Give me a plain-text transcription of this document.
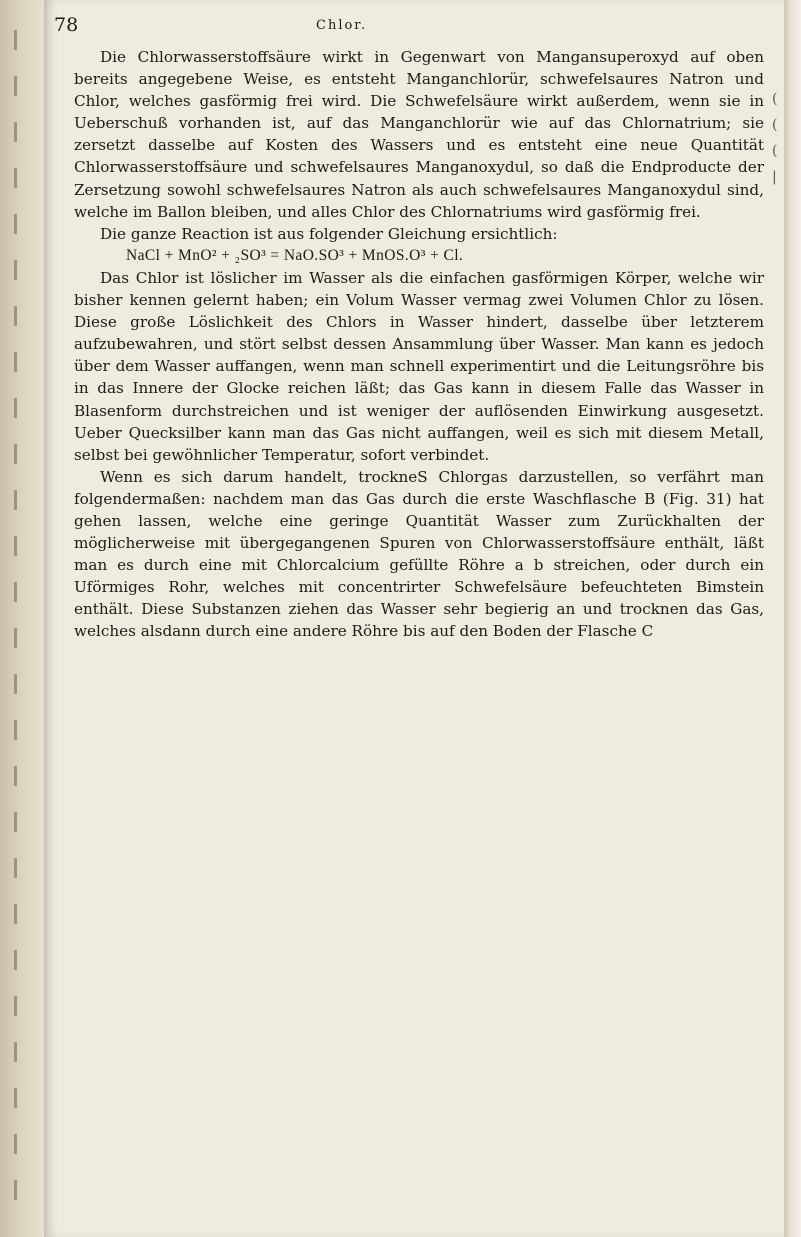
78	Chlor.

Die Chlorwasserstoffsäure wirkt in Gegenwart von Mangansuperoxyd auf oben bereits angegebene Weise, es entsteht Manganchlorür, schwefelsaures Natron und Chlor, welches gasförmig frei wird. Die Schwefelsäure wirkt außerdem, wenn sie in Ueberschuß vorhanden ist, auf das Manganchlorür wie auf das Chlornatrium; sie zersetzt dasselbe auf Kosten des Wassers und es entsteht eine neue Quantität Chlorwasserstoffsäure und schwefelsaures Manganoxydul, so daß die Endproducte der Zersetzung sowohl schwefelsaures Natron als auch schwefelsaures Manganoxydul sind, welche im Ballon bleiben, und alles Chlor des Chlornatriums wird gasförmig frei.

Die ganze Reaction ist aus folgender Gleichung ersichtlich:

NaCl + MnO² + ₂SO³ = NaO.SO³ + MnOS.O³ + Cl.

Das Chlor ist löslicher im Wasser als die einfachen gasförmigen Körper, welche wir bisher kennen gelernt haben; ein Volum Wasser vermag zwei Volumen Chlor zu lösen. Diese große Löslichkeit des Chlors in Wasser hindert, dasselbe über letzterem aufzubewahren, und stört selbst dessen Ansammlung über Wasser. Man kann es jedoch über dem Wasser auffangen, wenn man schnell experimentirt und die Leitungsröhre bis in das Innere der Glocke reichen läßt; das Gas kann in diesem Falle das Wasser in Blasenform durchstreichen und ist weniger der auflösenden Einwirkung ausgesetzt. Ueber Quecksilber kann man das Gas nicht auffangen, weil es sich mit diesem Metall, selbst bei gewöhnlicher Temperatur, sofort verbindet.

Wenn es sich darum handelt, trockneS Chlorgas darzustellen, so verfährt man folgendermaßen: nachdem man das Gas durch die erste Waschflasche B (Fig. 31) hat gehen lassen, welche eine geringe Quantität Wasser zum Zurückhalten der möglicherweise mit übergegangenen Spuren von Chlorwasserstoffsäure enthält, läßt man es durch eine mit Chlorcalcium gefüllte Röhre a b streichen, oder durch ein Uförmiges Rohr, welches mit concentrirter Schwefelsäure befeuchteten Bimstein enthält. Diese Substanzen ziehen das Wasser sehr begierig an und trocknen das Gas, welches alsdann durch eine andere Röhre bis auf den Boden der Flasche C

(
(
(
|
